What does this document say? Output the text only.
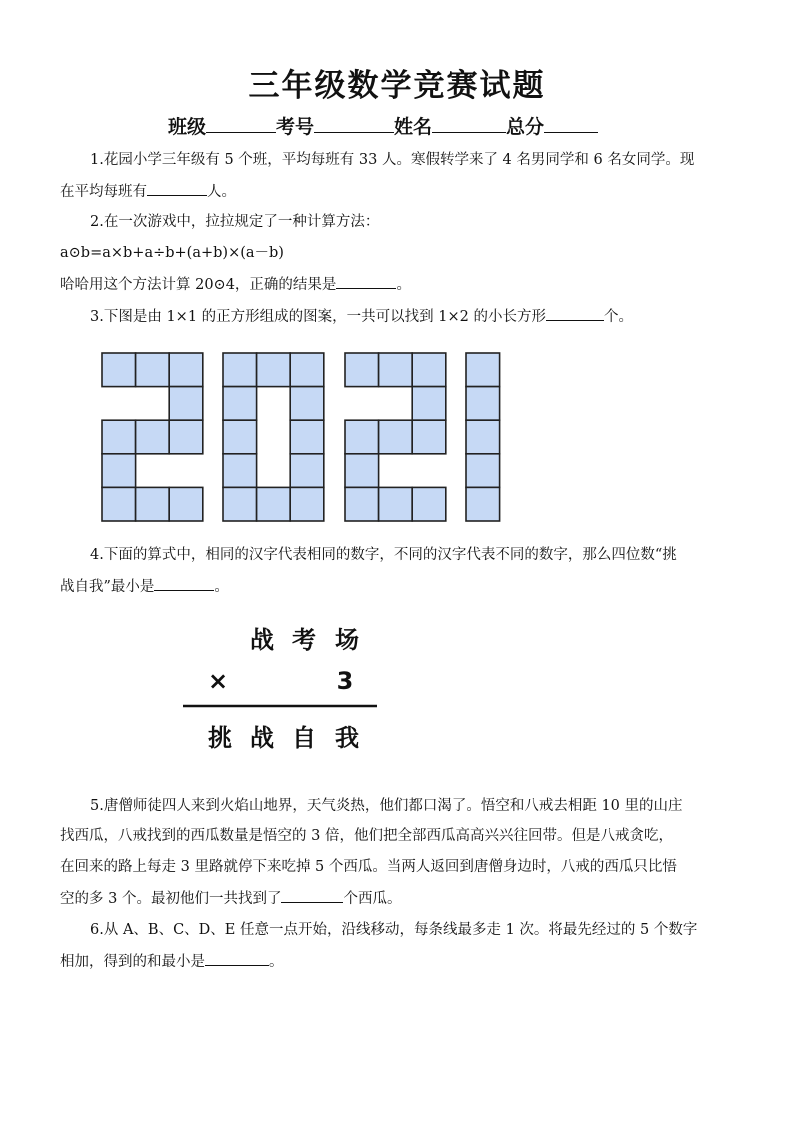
三年级数学竞赛试题
班级	考号	姓名	总分
1.花园小学三年级有 5 个班，平均每班有 33 人。寒假转学来了 4 名男同学和 6 名女同学。现
在平均每班有	人。
2.在一次游戏中，拉拉规定了一种计算方法：
a⊙b=a×b+a÷b+(a+b)×(a－b)
哈哈用这个方法计算 20⊙4，正确的结果是	。
3.下图是由 1×1 的正方形组成的图案，一共可以找到 1×2 的小长方形	个。
4.下面的算式中，相同的汉字代表相同的数字，不同的汉字代表不同的数字，那么四位数“挑
战自我”最小是	。
战 考 场
×	3
挑 战 自 我
5.唐僧师徒四人来到火焰山地界，天气炎热，他们都口渴了。悟空和八戒去相距 10 里的山庄
找西瓜，八戒找到的西瓜数量是悟空的 3 倍，他们把全部西瓜高高兴兴往回带。但是八戒贪吃，
在回来的路上每走 3 里路就停下来吃掉 5 个西瓜。当两人返回到唐僧身边时，八戒的西瓜只比悟
空的多 3 个。最初他们一共找到了	个西瓜。
6.从 A、B、C、D、E 任意一点开始，沿线移动，每条线最多走 1 次。将最先经过的 5 个数字
相加，得到的和最小是	。
